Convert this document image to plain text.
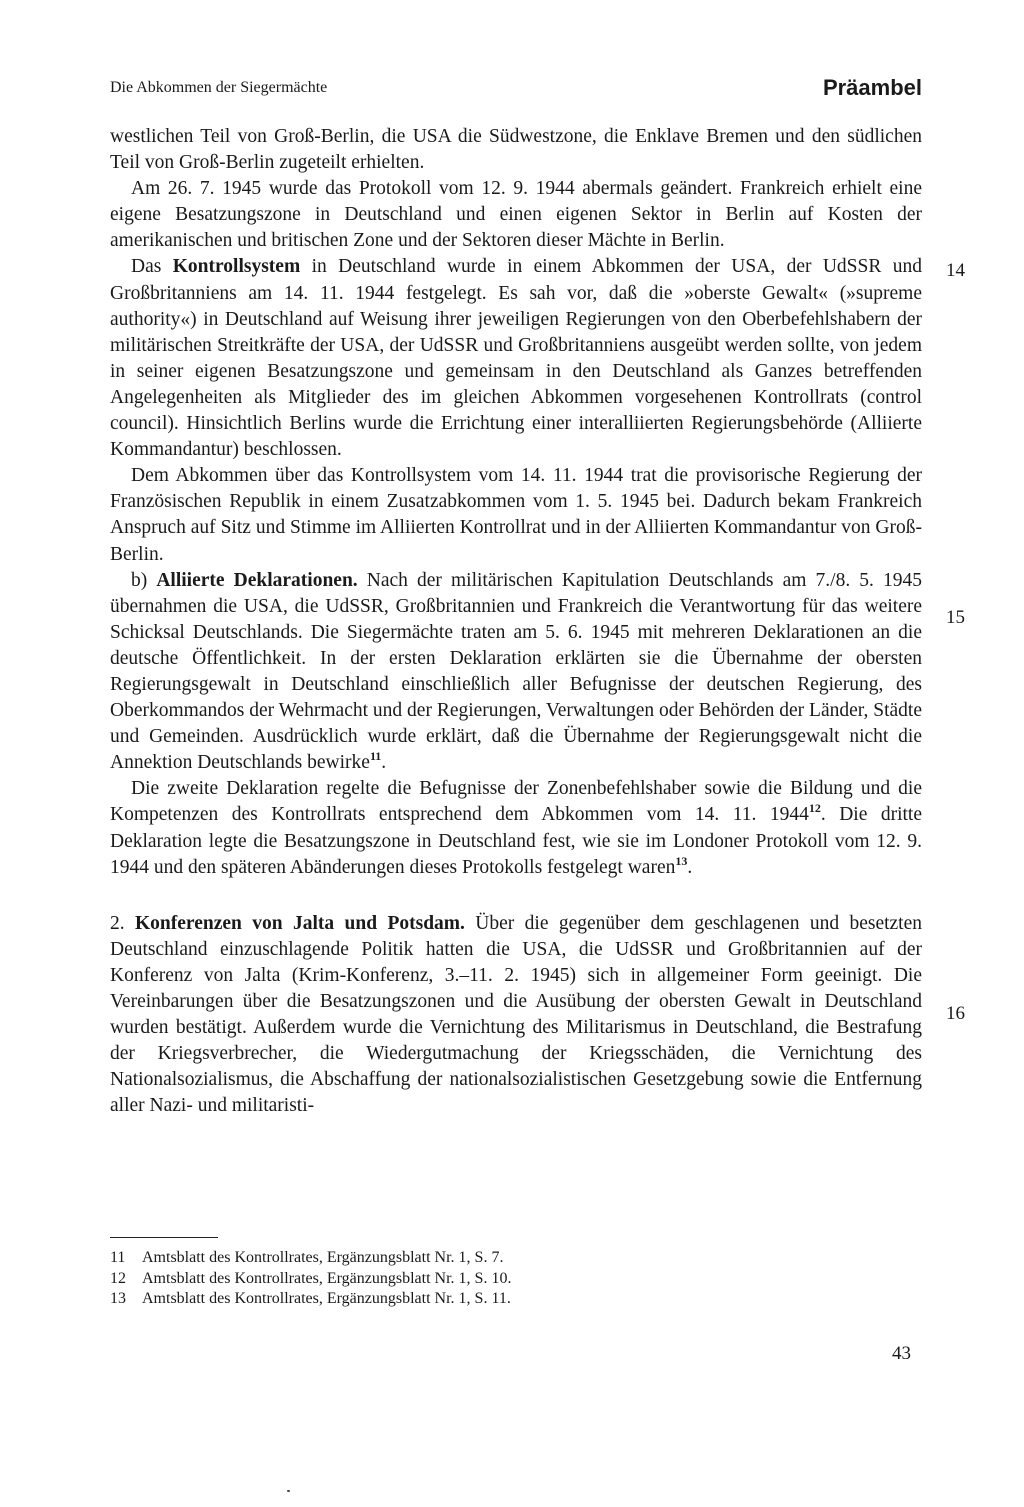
Die Abkommen der Siegermächte	Präambel

westlichen Teil von Groß-Berlin, die USA die Südwestzone, die Enklave Bremen und den südlichen Teil von Groß-Berlin zugeteilt erhielten.

Am 26. 7. 1945 wurde das Protokoll vom 12. 9. 1944 abermals geändert. Frankreich erhielt eine eigene Besatzungszone in Deutschland und einen eigenen Sektor in Berlin auf Kosten der amerikanischen und britischen Zone und der Sektoren dieser Mächte in Berlin.

Das Kontrollsystem in Deutschland wurde in einem Abkommen der USA, der UdSSR und Großbritanniens am 14. 11. 1944 festgelegt. Es sah vor, daß die »oberste Gewalt« (»supreme authority«) in Deutschland auf Weisung ihrer jeweiligen Regierungen von den Oberbefehlshabern der militärischen Streitkräfte der USA, der UdSSR und Großbritanniens ausgeübt werden sollte, von jedem in seiner eigenen Besatzungszone und gemeinsam in den Deutschland als Ganzes betreffenden Angelegenheiten als Mitglieder des im gleichen Abkommen vorgesehenen Kontrollrats (control council). Hinsichtlich Berlins wurde die Errichtung einer interalliierten Regierungsbehörde (Alliierte Kommandantur) beschlossen.

Dem Abkommen über das Kontrollsystem vom 14. 11. 1944 trat die provisorische Regierung der Französischen Republik in einem Zusatzabkommen vom 1. 5. 1945 bei. Dadurch bekam Frankreich Anspruch auf Sitz und Stimme im Alliierten Kontrollrat und in der Alliierten Kommandantur von Groß-Berlin.

b) Alliierte Deklarationen. Nach der militärischen Kapitulation Deutschlands am 7./8. 5. 1945 übernahmen die USA, die UdSSR, Großbritannien und Frankreich die Verantwortung für das weitere Schicksal Deutschlands. Die Siegermächte traten am 5. 6. 1945 mit mehreren Deklarationen an die deutsche Öffentlichkeit. In der ersten Deklaration erklärten sie die Übernahme der obersten Regierungsgewalt in Deutschland einschließlich aller Befugnisse der deutschen Regierung, des Oberkommandos der Wehrmacht und der Regierungen, Verwaltungen oder Behörden der Länder, Städte und Gemeinden. Ausdrücklich wurde erklärt, daß die Übernahme der Regierungsgewalt nicht die Annektion Deutschlands bewirke$^{11}$.

Die zweite Deklaration regelte die Befugnisse der Zonenbefehlshaber sowie die Bildung und die Kompetenzen des Kontrollrats entsprechend dem Abkommen vom 14. 11. 1944$^{12}$. Die dritte Deklaration legte die Besatzungszone in Deutschland fest, wie sie im Londoner Protokoll vom 12. 9. 1944 und den späteren Abänderungen dieses Protokolls festgelegt waren$^{13}$.

2. Konferenzen von Jalta und Potsdam. Über die gegenüber dem geschlagenen und besetzten Deutschland einzuschlagende Politik hatten die USA, die UdSSR und Großbritannien auf der Konferenz von Jalta (Krim-Konferenz, 3.–11. 2. 1945) sich in allgemeiner Form geeinigt. Die Vereinbarungen über die Besatzungszonen und die Ausübung der obersten Gewalt in Deutschland wurden bestätigt. Außerdem wurde die Vernichtung des Militarismus in Deutschland, die Bestrafung der Kriegsverbrecher, die Wiedergutmachung der Kriegsschäden, die Vernichtung des Nationalsozialismus, die Abschaffung der nationalsozialistischen Gesetzgebung sowie die Entfernung aller Nazi- und militaristi-

14
15
16
11	Amtsblatt des Kontrollrates, Ergänzungsblatt Nr. 1, S. 7.
12	Amtsblatt des Kontrollrates, Ergänzungsblatt Nr. 1, S. 10.
13	Amtsblatt des Kontrollrates, Ergänzungsblatt Nr. 1, S. 11.
43
